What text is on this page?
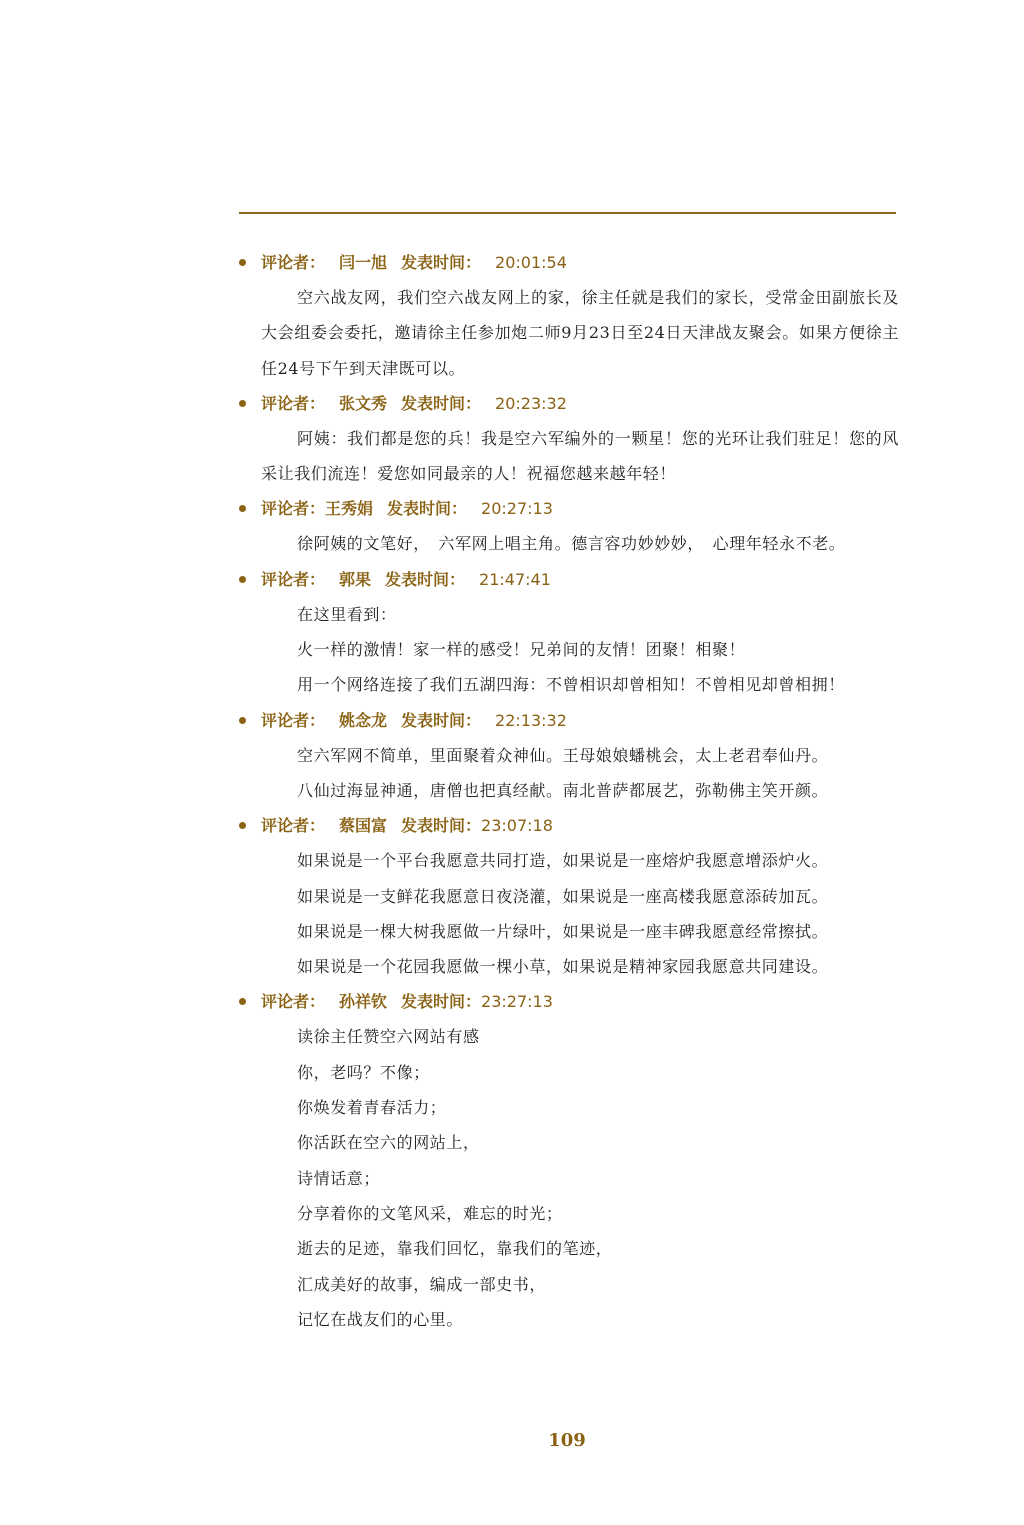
评论者： 闫一旭 发表时间： 20:01:54
空六战友网，我们空六战友网上的家，徐主任就是我们的家长，受常金田副旅长及大会组委会委托，邀请徐主任参加炮二师9月23日至24日天津战友聚会。如果方便徐主任24号下午到天津既可以。
评论者： 张文秀 发表时间： 20:23:32
阿姨：我们都是您的兵！我是空六军编外的一颗星！您的光环让我们驻足！您的风采让我们流连！爱您如同最亲的人！祝福您越来越年轻！
评论者：王秀娟 发表时间： 20:27:13
徐阿姨的文笔好，　六军网上唱主角。德言容功妙妙妙，　心理年轻永不老。
评论者： 郭果 发表时间： 21:47:41
在这里看到：
火一样的激情！家一样的感受！兄弟间的友情！团聚！相聚！
用一个网络连接了我们五湖四海：不曾相识却曾相知！不曾相见却曾相拥！
评论者： 姚念龙 发表时间： 22:13:32
空六军网不简单，里面聚着众神仙。王母娘娘蟠桃会，太上老君奉仙丹。
八仙过海显神通，唐僧也把真经献。南北普萨都展艺，弥勒佛主笑开颜。
评论者： 蔡国富 发表时间：23:07:18
如果说是一个平台我愿意共同打造，如果说是一座熔炉我愿意增添炉火。
如果说是一支鲜花我愿意日夜浇灌，如果说是一座高楼我愿意添砖加瓦。
如果说是一棵大树我愿做一片绿叶，如果说是一座丰碑我愿意经常擦拭。
如果说是一个花园我愿做一棵小草，如果说是精神家园我愿意共同建设。
评论者： 孙祥钦 发表时间：23:27:13
读徐主任赞空六网站有感
你，老吗？不像；
你焕发着青春活力；
你活跃在空六的网站上，
诗情话意；
分享着你的文笔风采，难忘的时光；
逝去的足迹，靠我们回忆，靠我们的笔迹，
汇成美好的故事，编成一部史书，
记忆在战友们的心里。
109
